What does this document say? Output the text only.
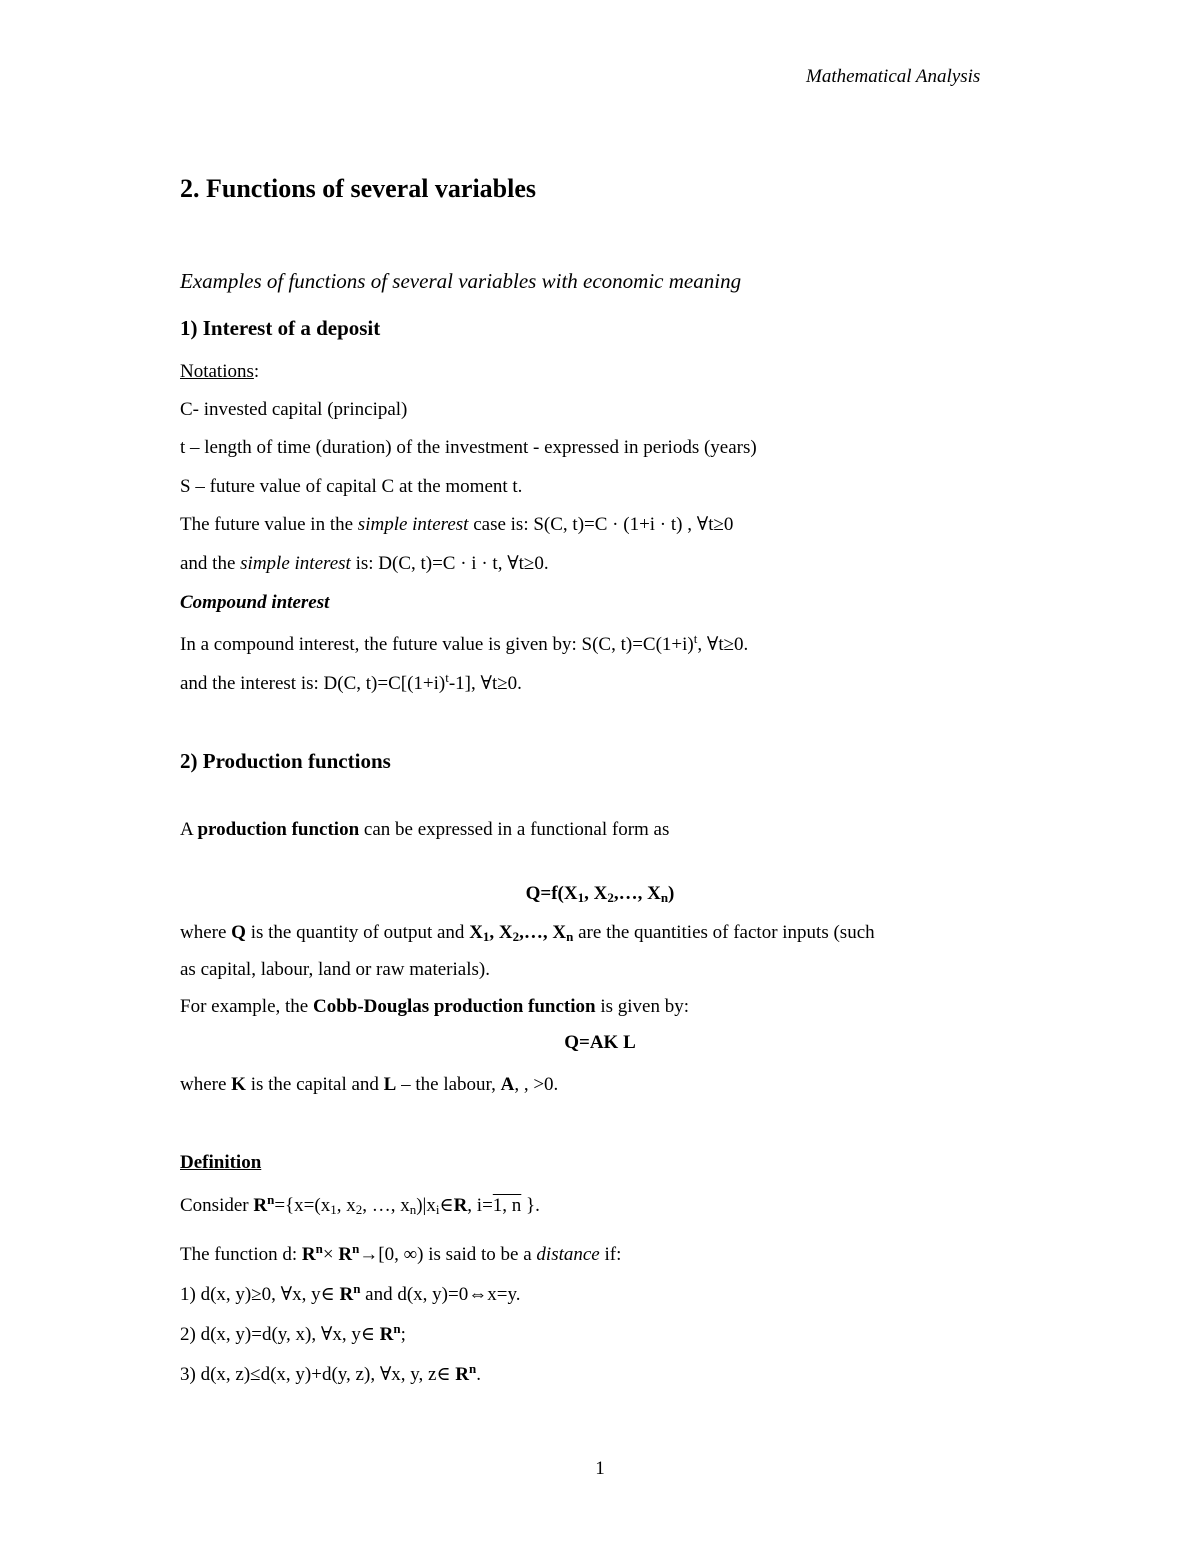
Mathematical Analysis
2. Functions of several variables
Examples of functions of several variables with economic meaning
1) Interest of a deposit
Notations:
C- invested capital (principal)
t – length of time (duration) of the investment - expressed in periods (years)
S – future value of capital C at the moment t.
The future value in the simple interest case is: S(C, t)=C · (1+i · t) , ∀t≥0
and the simple interest is: D(C, t)=C · i · t, ∀t≥0.
Compound interest
In a compound interest, the future value is given by: S(C, $t)=C(1+i)^t$, ∀t≥0.
and the interest is: D(C, $t)=C[(1+i)^t-1]$, ∀t≥0.
2) Production functions
A production function can be expressed in a functional form as
$Q=f(X_1$, $X_2,\dots$, $X_n$)
where Q is the quantity of output and $X_1$, $X_2,\dots$, $X_n$ are the quantities of factor inputs (such
as capital, labour, land or raw materials).
For example, the Cobb-Douglas production function is given by:
Q=AK L
where K is the capital and L – the labour, A, , >0.
Definition
Consider $R^n=\{x=(x_1$, $x_2$, …, $x_n)|x_i\in R$, i=1, n }.
The function d: $R^n\times R^n\to[0$, ∞) is said to be a distance if:
1) d(x, y)≥0, ∀x, y∈ $R^n$ and d(x, y)=0⇔x=y.
2) d(x, y)=d(y, x), ∀x, y∈ $R^n$;
3) d(x, z)≤d(x, y)+d(y, z), ∀x, y, z∈ $R^n$.
1
